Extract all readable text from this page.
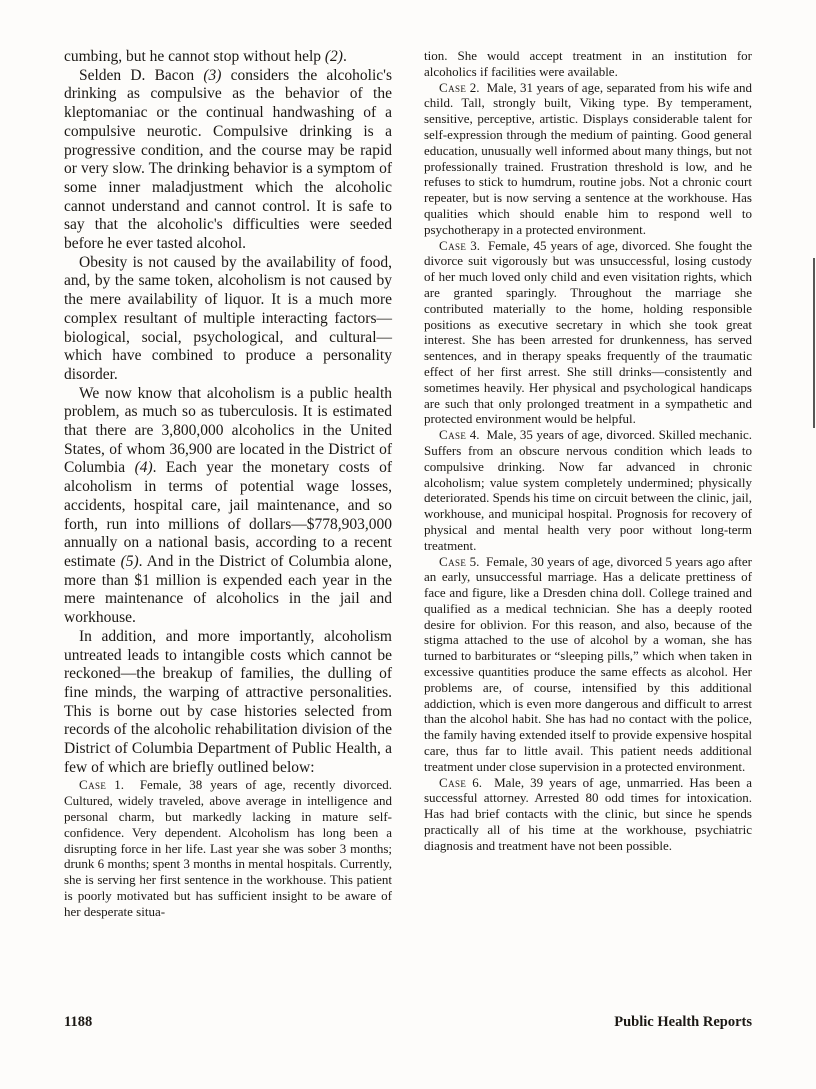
cumbing, but he cannot stop without help (2).

Selden D. Bacon (3) considers the alcoholic's drinking as compulsive as the behavior of the kleptomaniac or the continual handwashing of a compulsive neurotic. Compulsive drinking is a progressive condition, and the course may be rapid or very slow. The drinking behavior is a symptom of some inner maladjustment which the alcoholic cannot understand and cannot control. It is safe to say that the alcoholic's difficulties were seeded before he ever tasted alcohol.

Obesity is not caused by the availability of food, and, by the same token, alcoholism is not caused by the mere availability of liquor. It is a much more complex resultant of multiple interacting factors—biological, social, psychological, and cultural—which have combined to produce a personality disorder.

We now know that alcoholism is a public health problem, as much so as tuberculosis. It is estimated that there are 3,800,000 alcoholics in the United States, of whom 36,900 are located in the District of Columbia (4). Each year the monetary costs of alcoholism in terms of potential wage losses, accidents, hospital care, jail maintenance, and so forth, run into millions of dollars—$778,903,000 annually on a national basis, according to a recent estimate (5). And in the District of Columbia alone, more than $1 million is expended each year in the mere maintenance of alcoholics in the jail and workhouse.

In addition, and more importantly, alcoholism untreated leads to intangible costs which cannot be reckoned—the breakup of families, the dulling of fine minds, the warping of attractive personalities. This is borne out by case histories selected from records of the alcoholic rehabilitation division of the District of Columbia Department of Public Health, a few of which are briefly outlined below:

Case 1. Female, 38 years of age, recently divorced. Cultured, widely traveled, above average in intelligence and personal charm, but markedly lacking in mature self-confidence. Very dependent. Alcoholism has long been a disrupting force in her life. Last year she was sober 3 months; drunk 6 months; spent 3 months in mental hospitals. Currently, she is serving her first sentence in the workhouse. This patient is poorly motivated but has sufficient insight to be aware of her desperate situa-

tion. She would accept treatment in an institution for alcoholics if facilities were available.

Case 2. Male, 31 years of age, separated from his wife and child. Tall, strongly built, Viking type. By temperament, sensitive, perceptive, artistic. Displays considerable talent for self-expression through the medium of painting. Good general education, unusually well informed about many things, but not professionally trained. Frustration threshold is low, and he refuses to stick to humdrum, routine jobs. Not a chronic court repeater, but is now serving a sentence at the workhouse. Has qualities which should enable him to respond well to psychotherapy in a protected environment.

Case 3. Female, 45 years of age, divorced. She fought the divorce suit vigorously but was unsuccessful, losing custody of her much loved only child and even visitation rights, which are granted sparingly. Throughout the marriage she contributed materially to the home, holding responsible positions as executive secretary in which she took great interest. She has been arrested for drunkenness, has served sentences, and in therapy speaks frequently of the traumatic effect of her first arrest. She still drinks—consistently and sometimes heavily. Her physical and psychological handicaps are such that only prolonged treatment in a sympathetic and protected environment would be helpful.

Case 4. Male, 35 years of age, divorced. Skilled mechanic. Suffers from an obscure nervous condition which leads to compulsive drinking. Now far advanced in chronic alcoholism; value system completely undermined; physically deteriorated. Spends his time on circuit between the clinic, jail, workhouse, and municipal hospital. Prognosis for recovery of physical and mental health very poor without long-term treatment.

Case 5. Female, 30 years of age, divorced 5 years ago after an early, unsuccessful marriage. Has a delicate prettiness of face and figure, like a Dresden china doll. College trained and qualified as a medical technician. She has a deeply rooted desire for oblivion. For this reason, and also, because of the stigma attached to the use of alcohol by a woman, she has turned to barbiturates or “sleeping pills,” which when taken in excessive quantities produce the same effects as alcohol. Her problems are, of course, intensified by this additional addiction, which is even more dangerous and difficult to arrest than the alcohol habit. She has had no contact with the police, the family having extended itself to provide expensive hospital care, thus far to little avail. This patient needs additional treatment under close supervision in a protected environment.

Case 6. Male, 39 years of age, unmarried. Has been a successful attorney. Arrested 80 odd times for intoxication. Has had brief contacts with the clinic, but since he spends practically all of his time at the workhouse, psychiatric diagnosis and treatment have not been possible.

1188	Public Health Reports
